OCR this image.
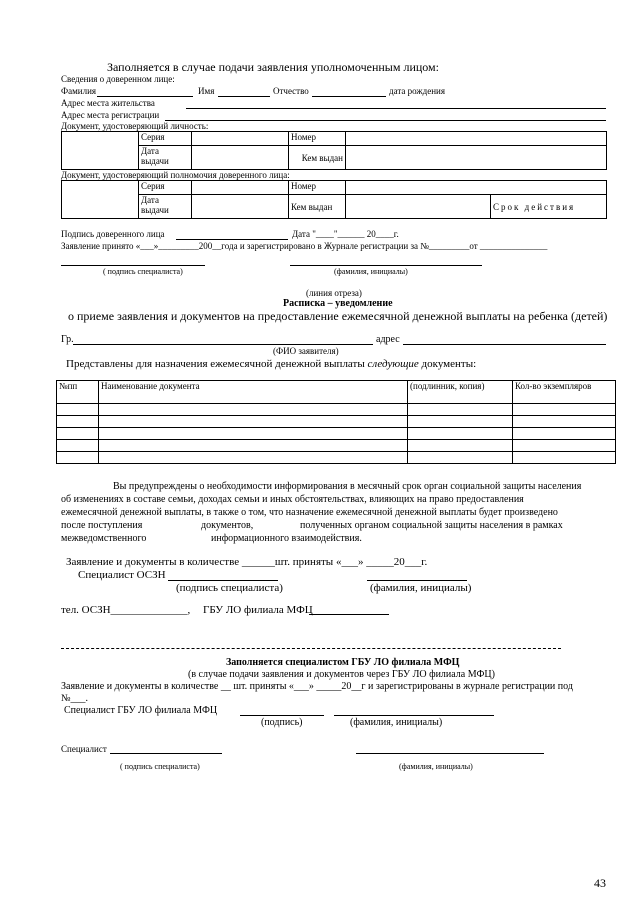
Заполняется в случае подачи заявления уполномоченным лицом:
Сведения о доверенном лице:
Фамилия	Имя	Отчество	дата рождения
Адрес места жительства
Адрес места регистрации
Документ, удостоверяющий личность:
	Серия		Номер	
	Дата выдачи		Кем выдан	
Документ, удостоверяющий полномочия доверенного лица:
	Серия		Номер		
	Дата выдачи		Кем выдан		Срок действия
Подпись доверенного лица	Дата "____"______ 20____г.
Заявление принято «___»_________200__года и зарегистрировано в Журнале регистрации за №_________от _______________
( подпись специалиста)	(фамилия, инициалы)
(линия отреза)
Расписка – уведомление
о приеме заявления и документов на предоставление ежемесячной денежной выплаты на ребенка (детей)
Гр.	адрес
(ФИО заявителя)
Представлены для назначения ежемесячной денежной выплаты следующие документы:
№пп	Наименование документа	(подлинник, копия)	Кол-во экземпляров

Вы предупреждены о необходимости информирования в месячный срок орган социальной защиты населения
об изменениях в составе семьи, доходах семьи и иных обстоятельствах, влияющих на право предоставления
ежемесячной денежной выплаты, в также о том, что назначение ежемесячной денежной выплаты будет произведено
после поступления	документов,	полученных органом социальной защиты населения в рамках
межведомственного	информационного взаимодействия.
Заявление и документы в количестве ______шт. приняты «___» _____20___г.
Специалист ОСЗН
(подпись специалиста)	(фамилия, инициалы)
тел. ОСЗН______________, ГБУ ЛО филиала МФЦ
Заполняется специалистом ГБУ ЛО филиала МФЦ
(в случае подачи заявления и документов через ГБУ ЛО филиала МФЦ)
Заявление и документы в количестве __ шт. приняты «___» _____20__г и зарегистрированы в журнале регистрации под
№___.
Специалист ГБУ ЛО филиала МФЦ
(подпись)	(фамилия, инициалы)
Специалист
( подпись специалиста)	(фамилия, инициалы)
43
